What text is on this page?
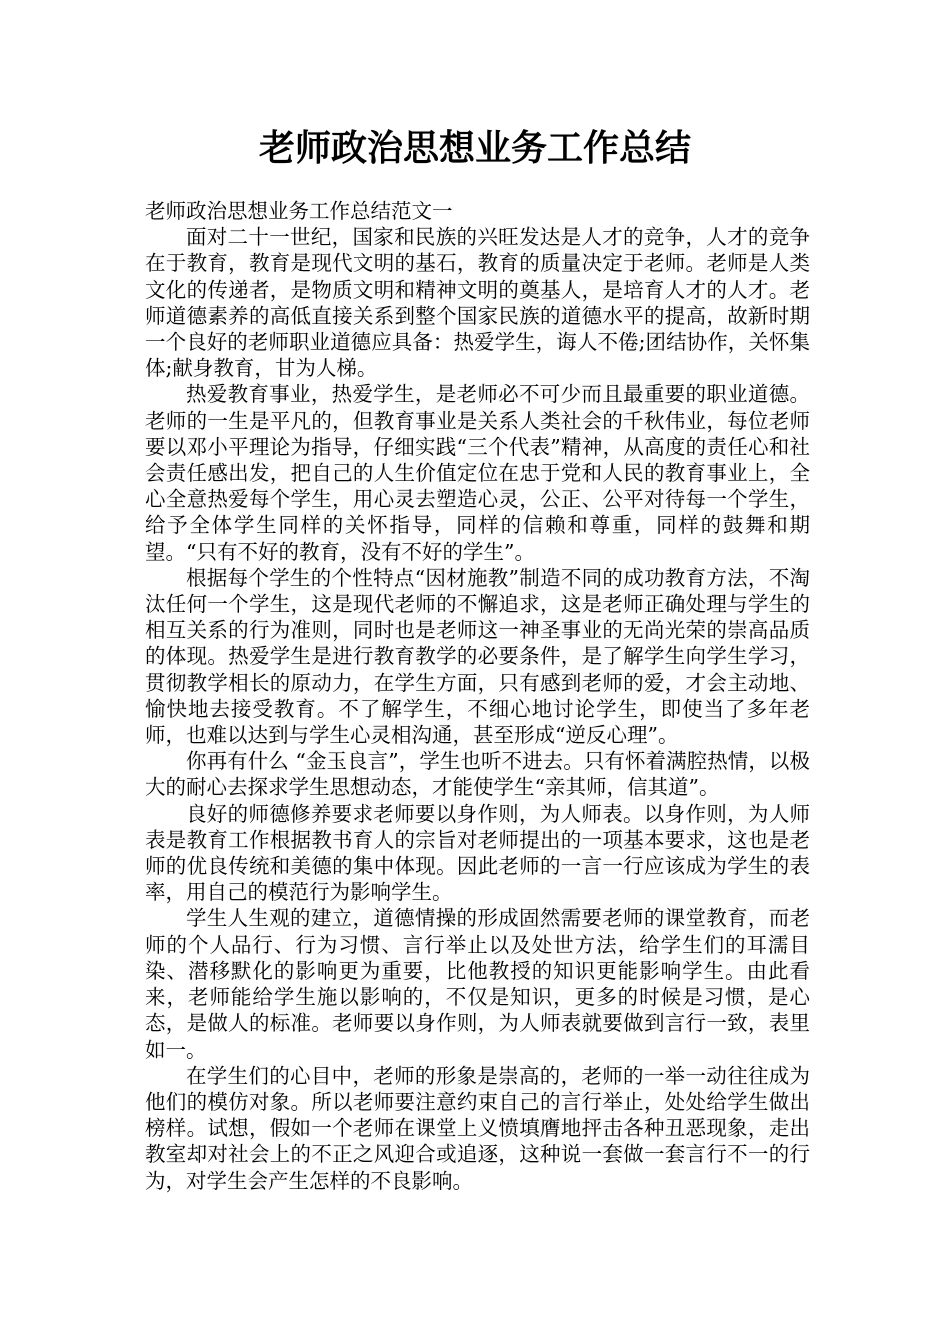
老师政治思想业务工作总结

老师政治思想业务工作总结范文一

面对二十一世纪，国家和民族的兴旺发达是人才的竞争，人才的竞争在于教育，教育是现代文明的基石，教育的质量决定于老师。老师是人类文化的传递者，是物质文明和精神文明的奠基人，是培育人才的人才。老师道德素养的高低直接关系到整个国家民族的道德水平的提高，故新时期一个良好的老师职业道德应具备：热爱学生，诲人不倦;团结协作，关怀集体;献身教育，甘为人梯。

热爱教育事业，热爱学生，是老师必不可少而且最重要的职业道德。老师的一生是平凡的，但教育事业是关系人类社会的千秋伟业，每位老师要以邓小平理论为指导，仔细实践“三个代表”精神，从高度的责任心和社会责任感出发，把自己的人生价值定位在忠于党和人民的教育事业上，全心全意热爱每个学生，用心灵去塑造心灵，公正、公平对待每一个学生，给予全体学生同样的关怀指导，同样的信赖和尊重，同样的鼓舞和期望。“只有不好的教育，没有不好的学生”。

根据每个学生的个性特点“因材施教”制造不同的成功教育方法，不淘汰任何一个学生，这是现代老师的不懈追求，这是老师正确处理与学生的相互关系的行为准则，同时也是老师这一神圣事业的无尚光荣的崇高品质的体现。热爱学生是进行教育教学的必要条件，是了解学生向学生学习，贯彻教学相长的原动力，在学生方面，只有感到老师的爱，才会主动地、愉快地去接受教育。不了解学生，不细心地讨论学生，即使当了多年老师，也难以达到与学生心灵相沟通，甚至形成“逆反心理”。

你再有什么 “金玉良言”，学生也听不进去。只有怀着满腔热情，以极大的耐心去探求学生思想动态，才能使学生“亲其师，信其道”。

良好的师德修养要求老师要以身作则，为人师表。以身作则，为人师表是教育工作根据教书育人的宗旨对老师提出的一项基本要求，这也是老师的优良传统和美德的集中体现。因此老师的一言一行应该成为学生的表率，用自己的模范行为影响学生。

学生人生观的建立，道德情操的形成固然需要老师的课堂教育，而老师的个人品行、行为习惯、言行举止以及处世方法，给学生们的耳濡目染、潜移默化的影响更为重要，比他教授的知识更能影响学生。由此看来，老师能给学生施以影响的，不仅是知识，更多的时候是习惯，是心态，是做人的标准。老师要以身作则，为人师表就要做到言行一致，表里如一。

在学生们的心目中，老师的形象是崇高的，老师的一举一动往往成为他们的模仿对象。所以老师要注意约束自己的言行举止，处处给学生做出榜样。试想，假如一个老师在课堂上义愤填膺地抨击各种丑恶现象，走出教室却对社会上的不正之风迎合或追逐，这种说一套做一套言行不一的行为，对学生会产生怎样的不良影响。
